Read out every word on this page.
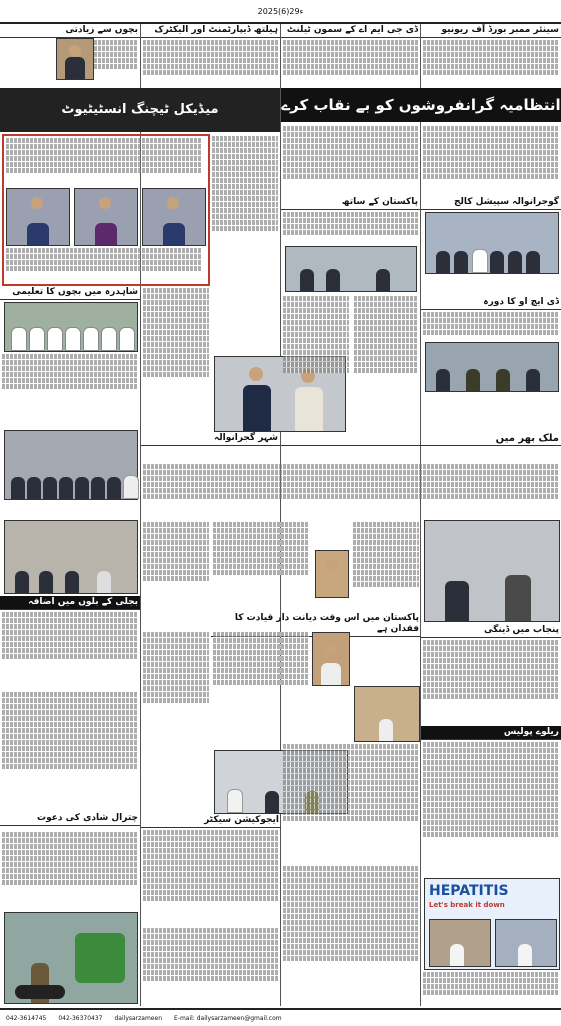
2025ء29(6)
سینئر ممبر بورڈ آف ریونیو
ڈی جی ایم اے کے سمون ٹیلنٹ
ہیلتھ ڈیپارٹمنٹ اور الیکٹرک
بچوں سے زیادتی
انتظامیہ گرانفروشوں کو بے نقاب کرے
میڈیکل ٹیچنگ انسٹیٹیوٹ
گوجرانوالہ سپیشل کالج
پاکستان کے ساتھ
شاہدرہ میں بچوں کا تعلیمی
ڈی ایچ او کا دورہ
شہر گجرانوالہ	ملک بھر میں
پاکستان میں اس وقت دیانت دار قیادت کا فقدان ہے
بجلی کے بلوں میں اضافہ
پنجاب میں ڈینگی
ریلوے پولیس
چترال شادی کی دعوت	ایجوکیشن سیکٹر
HEPATITIS
Let's break it down
042-3614745 042-36370437 dailysarzameen E-mail: dailysarzameen@gmail.com
